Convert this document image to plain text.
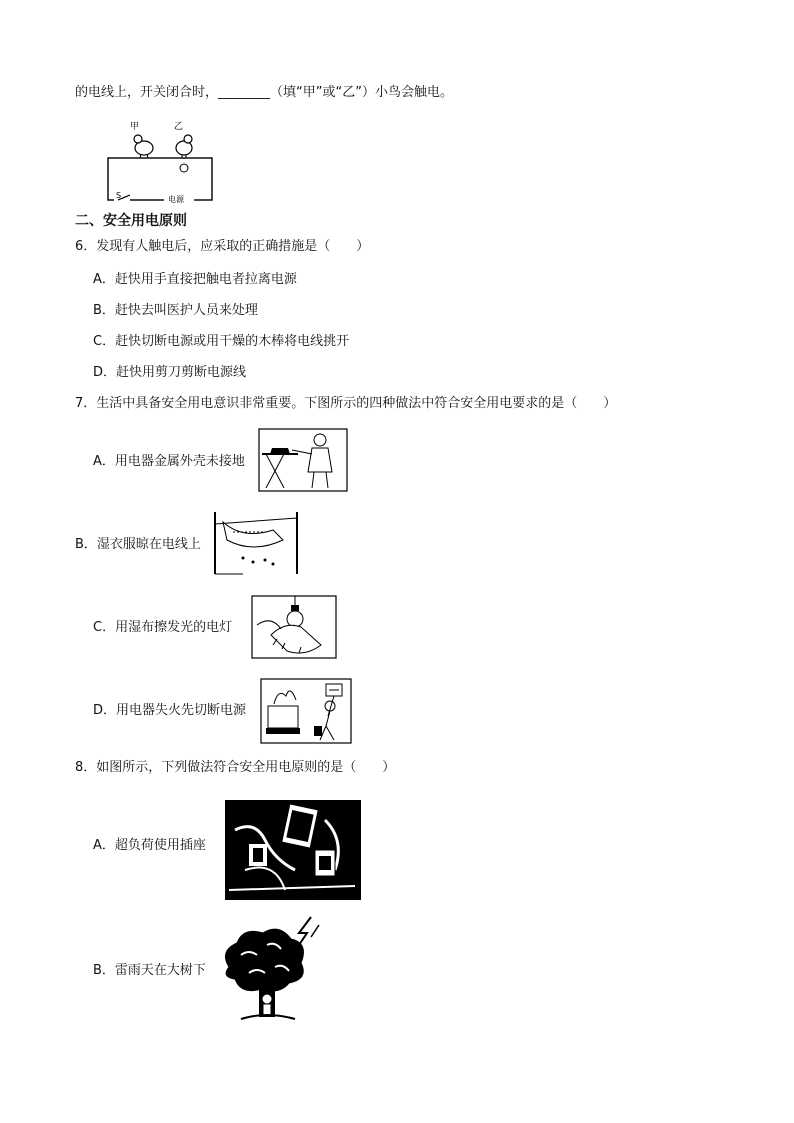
的电线上，开关闭合时，________（填“甲”或“乙”）小鸟会触电。
甲	乙
S	电源
二、安全用电原则
6．发现有人触电后，应采取的正确措施是（　　）
A．赶快用手直接把触电者拉离电源
B．赶快去叫医护人员来处理
C．赶快切断电源或用干燥的木棒将电线挑开
D．赶快用剪刀剪断电源线
7．生活中具备安全用电意识非常重要。下图所示的四种做法中符合安全用电要求的是（　　）
A．用电器金属外壳未接地
B．湿衣服晾在电线上
C．用湿布擦发光的电灯
D．用电器失火先切断电源
8．如图所示，下列做法符合安全用电原则的是（　　）
A．超负荷使用插座
B．雷雨天在大树下
